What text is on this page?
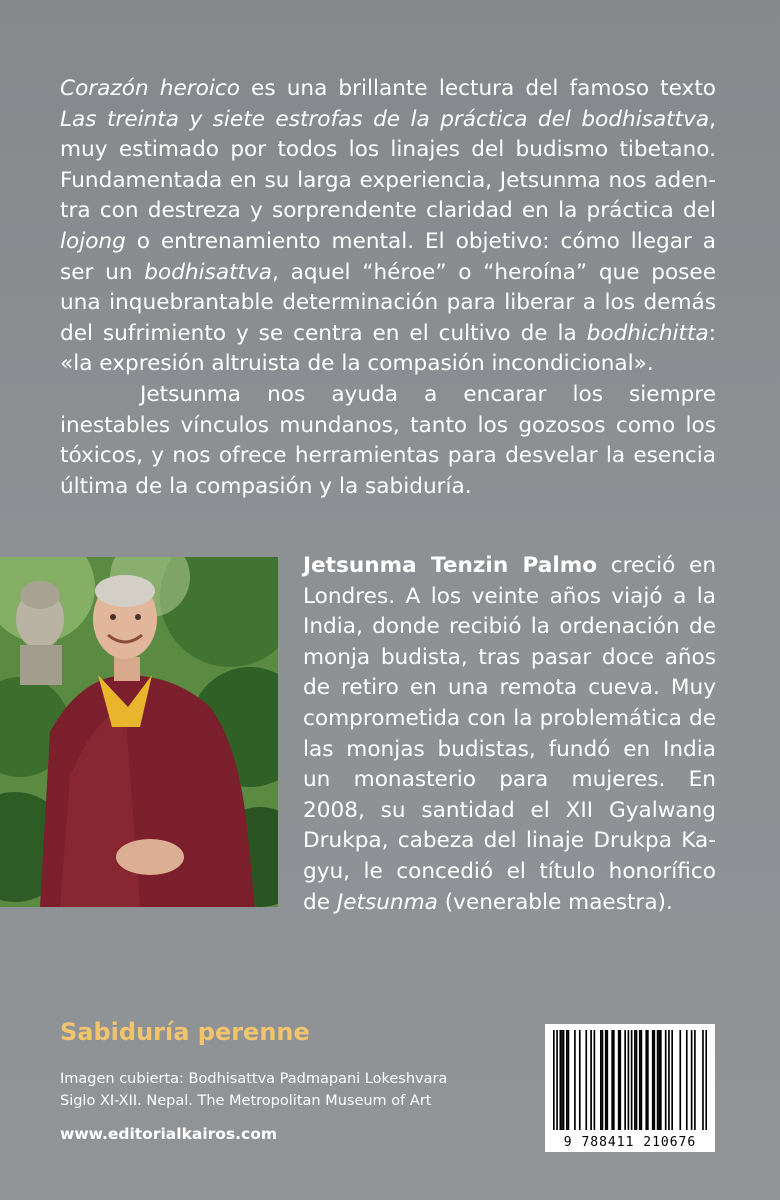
Corazón heroico es una brillante lectura del famoso texto Las treinta y siete estrofas de la práctica del bodhisattva, muy estimado por todos los linajes del budismo tibetano. Fundamentada en su larga experiencia, Jetsunma nos adentra con destreza y sorprendente claridad en la práctica del lojong o entrenamiento mental. El objetivo: cómo llegar a ser un bodhisattva, aquel “héroe” o “heroína” que posee una inquebrantable determinación para liberar a los demás del sufrimiento y se centra en el cultivo de la bodhichitta: «la expresión altruista de la compasión incondicional».

Jetsunma nos ayuda a encarar los siempre inestables vínculos mundanos, tanto los gozosos como los tóxicos, y nos ofrece herramientas para desvelar la esencia última de la compasión y la sabiduría.

Jetsunma Tenzin Palmo creció en Londres. A los veinte años viajó a la India, donde recibió la ordenación de monja budista, tras pasar doce años de retiro en una remota cueva. Muy comprometida con la problemática de las monjas budistas, fundó en India un monasterio para mujeres. En 2008, su santidad el XII Gyalwang Drukpa, cabeza del linaje Drukpa Kagyu, le concedió el título honorífico de Jetsunma (venerable maestra).

Sabiduría perenne
Imagen cubierta: Bodhisattva Padmapani Lokeshvara
Siglo XI-XII. Nepal. The Metropolitan Museum of Art
www.editorialkairos.com	9 788411 210676
